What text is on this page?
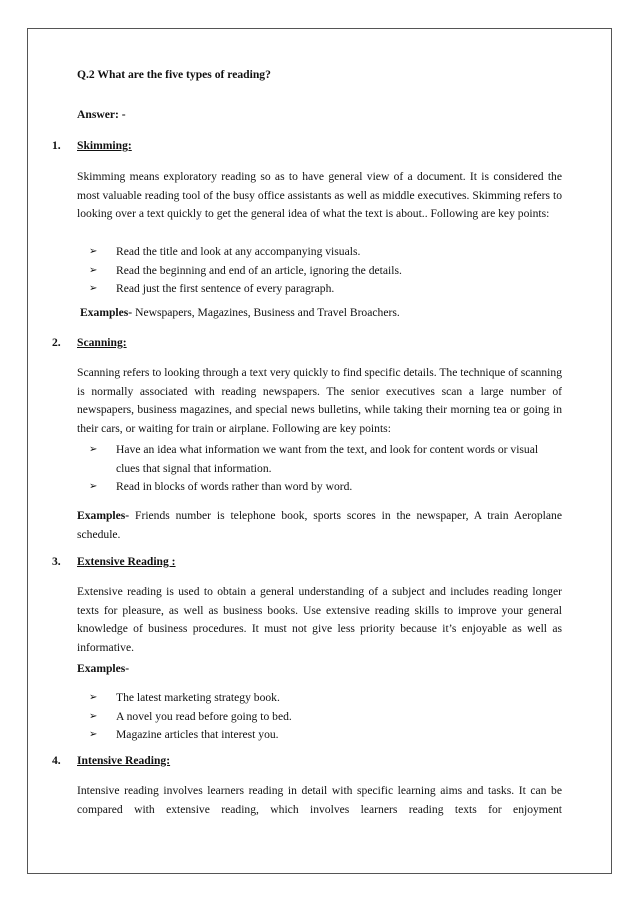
Q.2 What are the five types of reading?
Answer: -
1. Skimming:
Skimming means exploratory reading so as to have general view of a document. It is considered the most valuable reading tool of the busy office assistants as well as middle executives. Skimming refers to looking over a text quickly to get the general idea of what the text is about.. Following are key points:
➢ Read the title and look at any accompanying visuals.
➢ Read the beginning and end of an article, ignoring the details.
➢ Read just the first sentence of every paragraph.
Examples- Newspapers, Magazines, Business and Travel Broachers.
2. Scanning:
Scanning refers to looking through a text very quickly to find specific details. The technique of scanning is normally associated with reading newspapers. The senior executives scan a large number of newspapers, business magazines, and special news bulletins, while taking their morning tea or going in their cars, or waiting for train or airplane. Following are key points:
➢ Have an idea what information we want from the text, and look for content words or visual clues that signal that information.
➢ Read in blocks of words rather than word by word.
Examples- Friends number is telephone book, sports scores in the newspaper, A train Aeroplane schedule.
3. Extensive Reading :
Extensive reading is used to obtain a general understanding of a subject and includes reading longer texts for pleasure, as well as business books. Use extensive reading skills to improve your general knowledge of business procedures. It must not give less priority because it’s enjoyable as well as informative.
Examples-
➢ The latest marketing strategy book.
➢ A novel you read before going to bed.
➢ Magazine articles that interest you.
4. Intensive Reading:
Intensive reading involves learners reading in detail with specific learning aims and tasks. It can be compared with extensive reading, which involves learners reading texts for enjoyment
